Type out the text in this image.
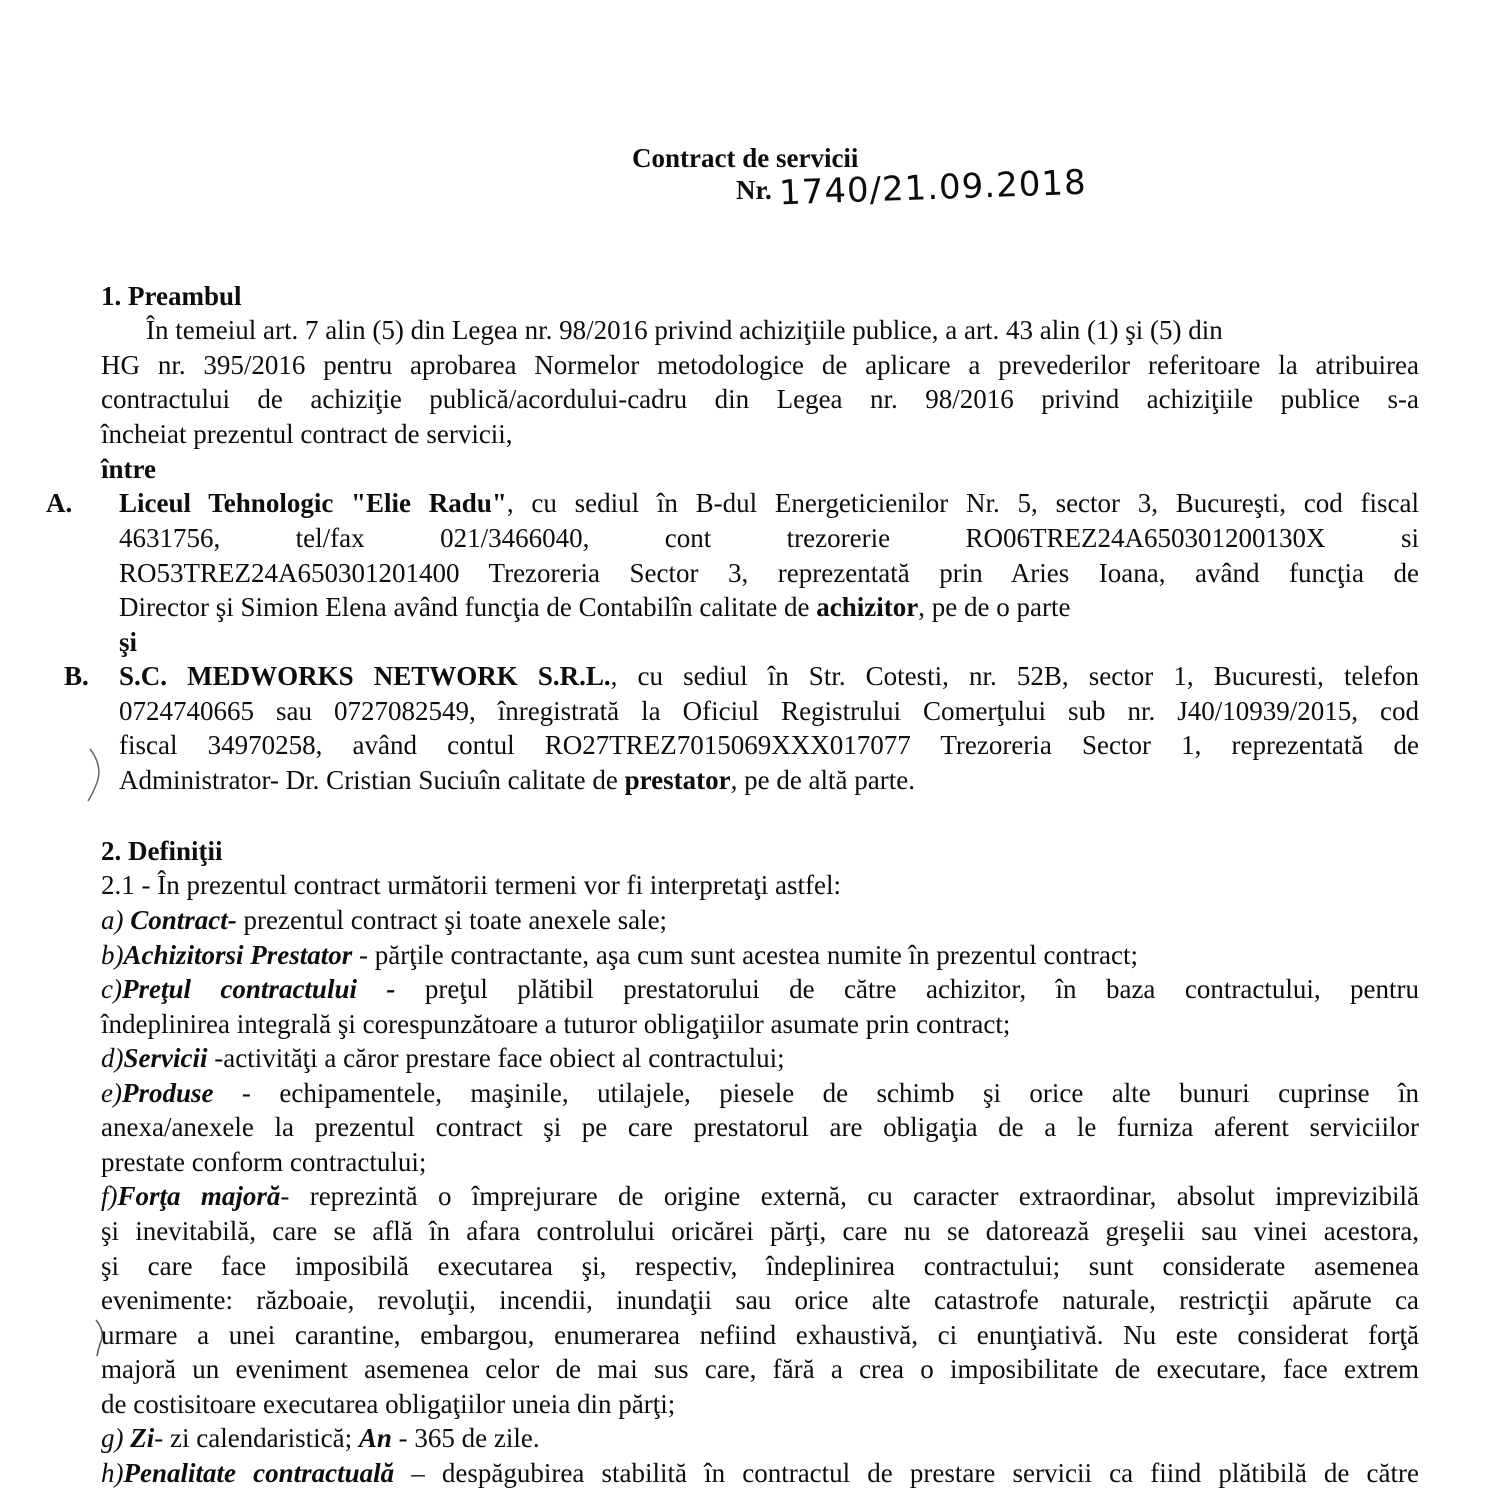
Contract de servicii
Nr. 1740/21.09.2018
1. Preambul
În temeiul art. 7 alin (5) din Legea nr. 98/2016 privind achiziţiile publice, a art. 43 alin (1) şi (5) din
HG nr. 395/2016 pentru aprobarea Normelor metodologice de aplicare a prevederilor referitoare la atribuirea
contractului de achiziţie publică/acordului-cadru din Legea nr. 98/2016 privind achiziţiile publice s-a
încheiat prezentul contract de servicii,
între
A. Liceul Tehnologic "Elie Radu", cu sediul în B-dul Energeticienilor Nr. 5, sector 3, Bucureşti, cod fiscal
4631756,	tel/fax	021/3466040,	cont	trezorerie	RO06TREZ24A650301200130X	si
RO53TREZ24A650301201400 Trezoreria Sector 3, reprezentată prin Aries Ioana, având funcţia de
Director şi Simion Elena având funcţia de Contabilîn calitate de achizitor, pe de o parte
şi
B. S.C. MEDWORKS NETWORK S.R.L., cu sediul în Str. Cotesti, nr. 52B, sector 1, Bucuresti, telefon
0724740665 sau 0727082549, înregistrată la Oficiul Registrului Comerţului sub nr. J40/10939/2015, cod
fiscal 34970258, având contul RO27TREZ7015069XXX017077 Trezoreria Sector 1, reprezentată de
Administrator- Dr. Cristian Suciuîn calitate de prestator, pe de altă parte.
2. Definiţii
2.1 - În prezentul contract următorii termeni vor fi interpretaţi astfel:
a) Contract- prezentul contract şi toate anexele sale;
b)Achizitorsi Prestator - părţile contractante, aşa cum sunt acestea numite în prezentul contract;
c)Preţul contractului - preţul plătibil prestatorului de către achizitor, în baza contractului, pentru
îndeplinirea integrală şi corespunzătoare a tuturor obligaţiilor asumate prin contract;
d)Servicii -activităţi a căror prestare face obiect al contractului;
e)Produse - echipamentele, maşinile, utilajele, piesele de schimb şi orice alte bunuri cuprinse în
anexa/anexele la prezentul contract şi pe care prestatorul are obligaţia de a le furniza aferent serviciilor
prestate conform contractului;
f)Forţa majoră- reprezintă o împrejurare de origine externă, cu caracter extraordinar, absolut imprevizibilă
şi inevitabilă, care se află în afara controlului oricărei părţi, care nu se datorează greşelii sau vinei acestora,
şi care face imposibilă executarea şi, respectiv, îndeplinirea contractului; sunt considerate asemenea
evenimente: războaie, revoluţii, incendii, inundaţii sau orice alte catastrofe naturale, restricţii apărute ca
urmare a unei carantine, embargou, enumerarea nefiind exhaustivă, ci enunţiativă. Nu este considerat forţă
majoră un eveniment asemenea celor de mai sus care, fără a crea o imposibilitate de executare, face extrem
de costisitoare executarea obligaţiilor uneia din părţi;
g) Zi- zi calendaristică; An - 365 de zile.
h)Penalitate contractuală – despăgubirea stabilită în contractul de prestare servicii ca fiind plătibilă de către
